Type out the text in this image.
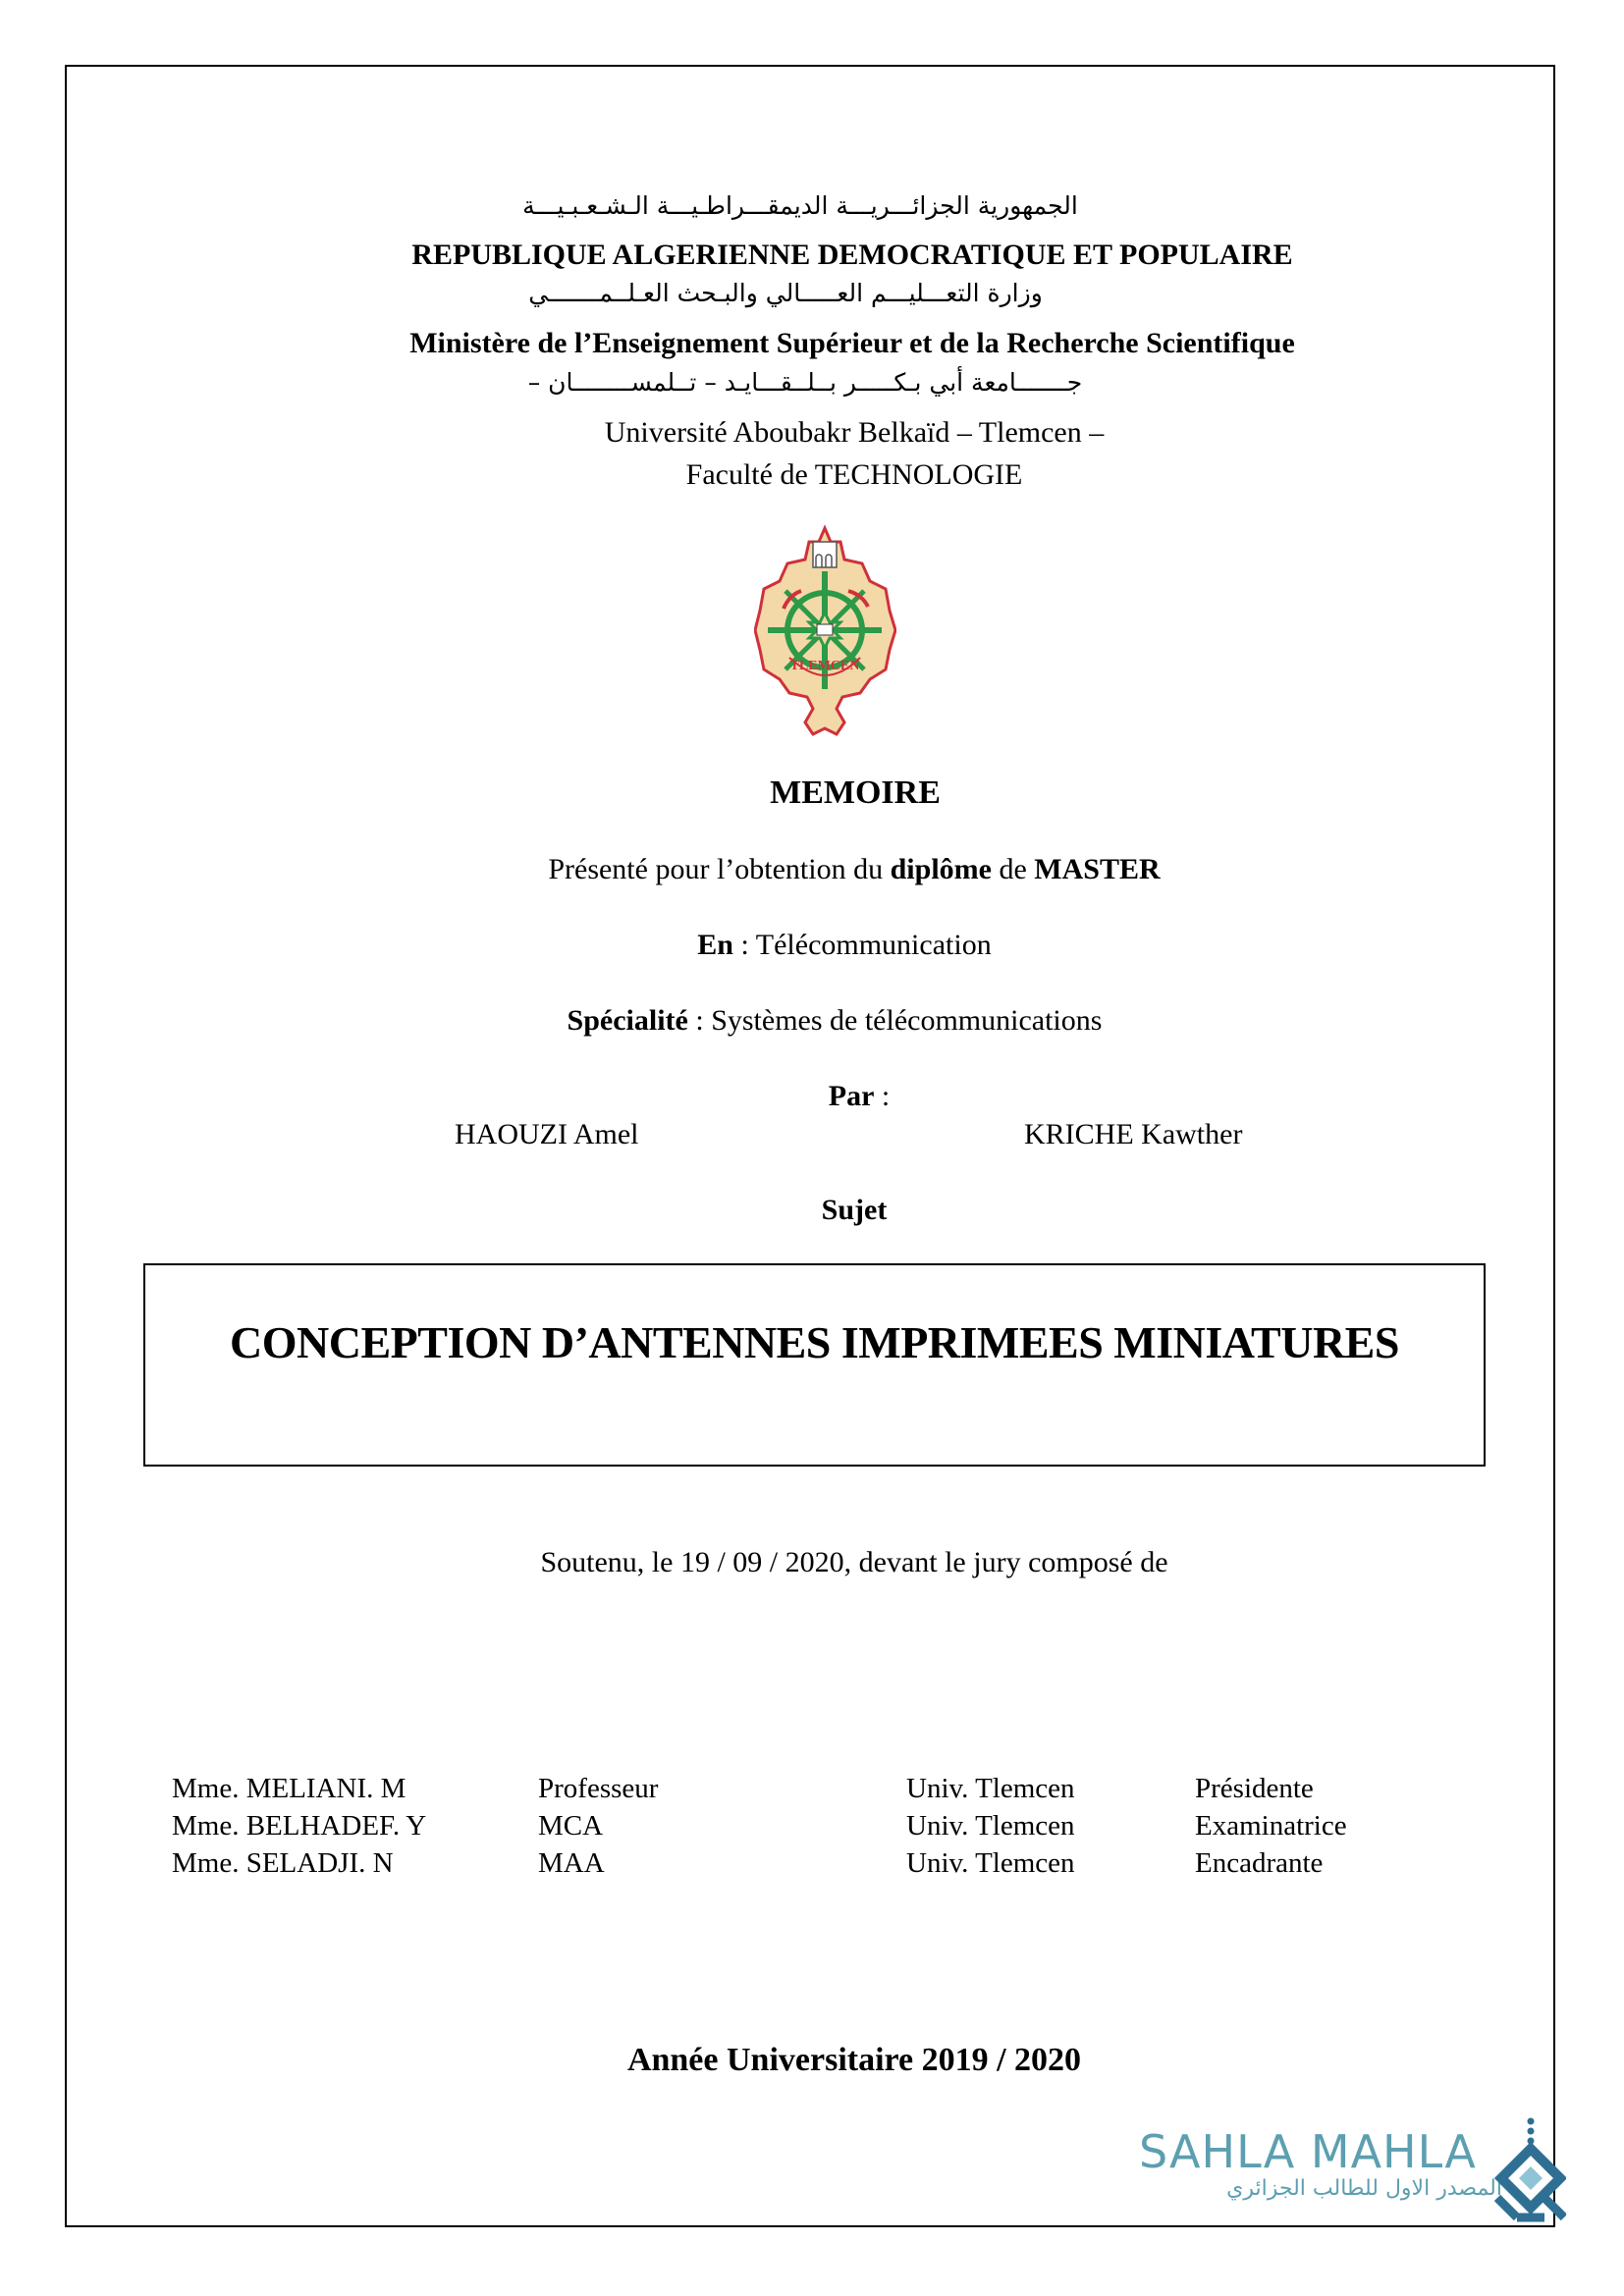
الجمهورية الجزائـــريـــة الديمقـــراطـيـــة الـشـعـبـيـــة
REPUBLIQUE ALGERIENNE DEMOCRATIQUE ET POPULAIRE
وزارة التعـــليـــم العـــــالي والبـحث العـلــمـــــــي
Ministère de l’Enseignement Supérieur et de la Recherche Scientifique
جـــــــامعة أبي بـكـــــر بــلــقـــايـد – تــلمســــــــان –
Université Aboubakr Belkaïd – Tlemcen –
Faculté de TECHNOLOGIE
TLEMCEN
MEMOIRE
Présenté pour l’obtention du diplôme de MASTER
En : Télécommunication
Spécialité : Systèmes de télécommunications
Par :
HAOUZI Amel	KRICHE Kawther
Sujet
CONCEPTION D’ANTENNES IMPRIMEES MINIATURES
Soutenu, le 19 / 09 / 2020, devant le jury composé de
Mme. MELIANI. M	Professeur	Univ. Tlemcen	Présidente
Mme. BELHADEF. Y	MCA	Univ. Tlemcen	Examinatrice
Mme. SELADJI. N	MAA	Univ. Tlemcen	Encadrante
Année Universitaire 2019 / 2020
SAHLA MAHLA
المصدر الاول للطالب الجزائري
